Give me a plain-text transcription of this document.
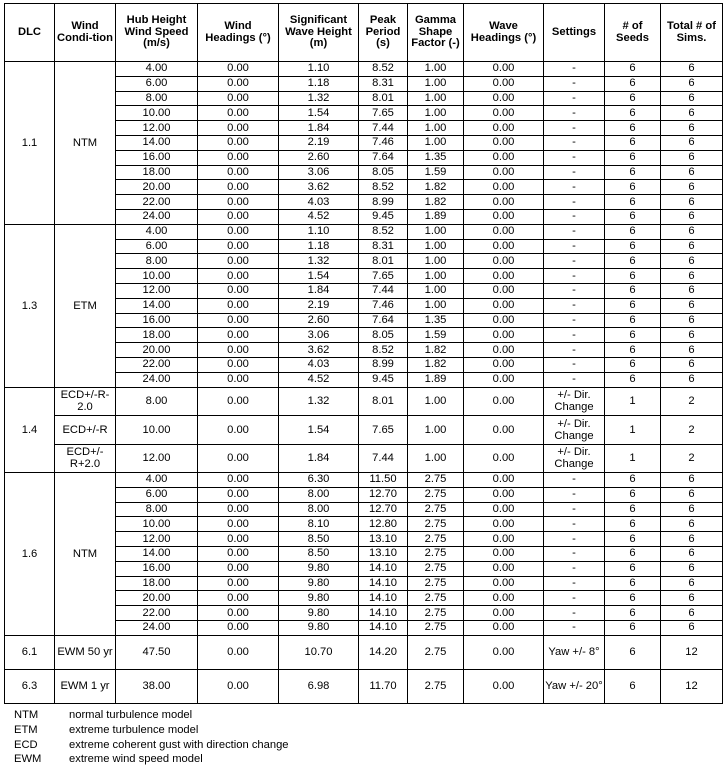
DLC	Wind Condi-tion	Hub Height Wind Speed (m/s)	Wind Headings (°)	Significant Wave Height (m)	Peak Period (s)	Gamma Shape Factor (-)	Wave Headings (°)	Settings	# of Seeds	Total # of Sims.
1.1	NTM	4.00	0.00	1.10	8.52	1.00	0.00	-	6	6
		6.00	0.00	1.18	8.31	1.00	0.00	-	6	6
		8.00	0.00	1.32	8.01	1.00	0.00	-	6	6
		10.00	0.00	1.54	7.65	1.00	0.00	-	6	6
		12.00	0.00	1.84	7.44	1.00	0.00	-	6	6
		14.00	0.00	2.19	7.46	1.00	0.00	-	6	6
		16.00	0.00	2.60	7.64	1.35	0.00	-	6	6
		18.00	0.00	3.06	8.05	1.59	0.00	-	6	6
		20.00	0.00	3.62	8.52	1.82	0.00	-	6	6
		22.00	0.00	4.03	8.99	1.82	0.00	-	6	6
		24.00	0.00	4.52	9.45	1.89	0.00	-	6	6
1.3	ETM	4.00	0.00	1.10	8.52	1.00	0.00	-	6	6
		6.00	0.00	1.18	8.31	1.00	0.00	-	6	6
		8.00	0.00	1.32	8.01	1.00	0.00	-	6	6
		10.00	0.00	1.54	7.65	1.00	0.00	-	6	6
		12.00	0.00	1.84	7.44	1.00	0.00	-	6	6
		14.00	0.00	2.19	7.46	1.00	0.00	-	6	6
		16.00	0.00	2.60	7.64	1.35	0.00	-	6	6
		18.00	0.00	3.06	8.05	1.59	0.00	-	6	6
		20.00	0.00	3.62	8.52	1.82	0.00	-	6	6
		22.00	0.00	4.03	8.99	1.82	0.00	-	6	6
		24.00	0.00	4.52	9.45	1.89	0.00	-	6	6
1.4	ECD+/-R-2.0	8.00	0.00	1.32	8.01	1.00	0.00	+/- Dir. Change	1	2
	ECD+/-R	10.00	0.00	1.54	7.65	1.00	0.00	+/- Dir. Change	1	2
	ECD+/-R+2.0	12.00	0.00	1.84	7.44	1.00	0.00	+/- Dir. Change	1	2
1.6	NTM	4.00	0.00	6.30	11.50	2.75	0.00	-	6	6
		6.00	0.00	8.00	12.70	2.75	0.00	-	6	6
		8.00	0.00	8.00	12.70	2.75	0.00	-	6	6
		10.00	0.00	8.10	12.80	2.75	0.00	-	6	6
		12.00	0.00	8.50	13.10	2.75	0.00	-	6	6
		14.00	0.00	8.50	13.10	2.75	0.00	-	6	6
		16.00	0.00	9.80	14.10	2.75	0.00	-	6	6
		18.00	0.00	9.80	14.10	2.75	0.00	-	6	6
		20.00	0.00	9.80	14.10	2.75	0.00	-	6	6
		22.00	0.00	9.80	14.10	2.75	0.00	-	6	6
		24.00	0.00	9.80	14.10	2.75	0.00	-	6	6
6.1	EWM 50 yr	47.50	0.00	10.70	14.20	2.75	0.00	Yaw +/- 8°	6	12
6.3	EWM 1 yr	38.00	0.00	6.98	11.70	2.75	0.00	Yaw +/- 20°	6	12
NTM	normal turbulence model
ETM	extreme turbulence model
ECD	extreme coherent gust with direction change
EWM	extreme wind speed model
